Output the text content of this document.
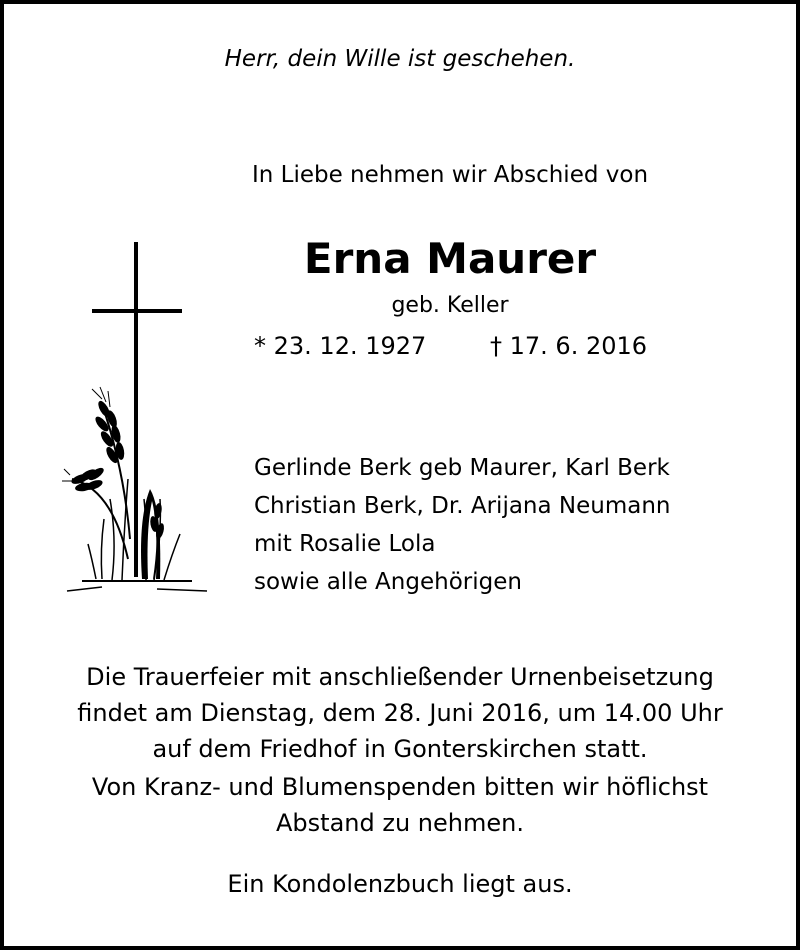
Herr, dein Wille ist geschehen.
In Liebe nehmen wir Abschied von
Erna Maurer
geb. Keller
* 23. 12. 1927	† 17. 6. 2016
Gerlinde Berk geb Maurer, Karl Berk
Christian Berk, Dr. Arijana Neumann
mit Rosalie Lola
sowie alle Angehörigen
Die Trauerfeier mit anschließender Urnenbeisetzung
findet am Dienstag, dem 28. Juni 2016, um 14.00 Uhr
auf dem Friedhof in Gonterskirchen statt.
Von Kranz- und Blumenspenden bitten wir höflichst
Abstand zu nehmen.
Ein Kondolenzbuch liegt aus.
